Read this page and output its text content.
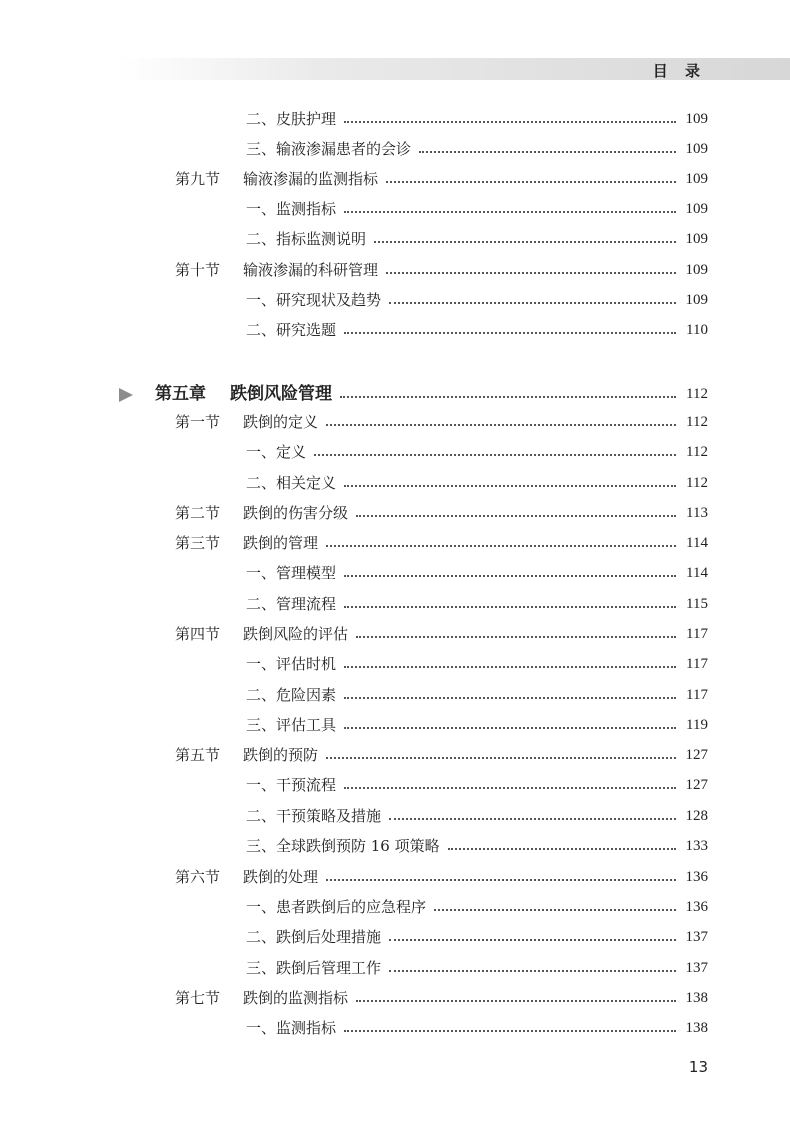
目 录
二、皮肤护理	109
三、输液渗漏患者的会诊	109
第九节 输液渗漏的监测指标	109
一、监测指标	109
二、指标监测说明	109
第十节 输液渗漏的科研管理	109
一、研究现状及趋势	109
二、研究选题	110
第五章 跌倒风险管理	112
第一节 跌倒的定义	112
一、定义	112
二、相关定义	112
第二节 跌倒的伤害分级	113
第三节 跌倒的管理	114
一、管理模型	114
二、管理流程	115
第四节 跌倒风险的评估	117
一、评估时机	117
二、危险因素	117
三、评估工具	119
第五节 跌倒的预防	127
一、干预流程	127
二、干预策略及措施	128
三、全球跌倒预防 16 项策略	133
第六节 跌倒的处理	136
一、患者跌倒后的应急程序	136
二、跌倒后处理措施	137
三、跌倒后管理工作	137
第七节 跌倒的监测指标	138
一、监测指标	138
13
